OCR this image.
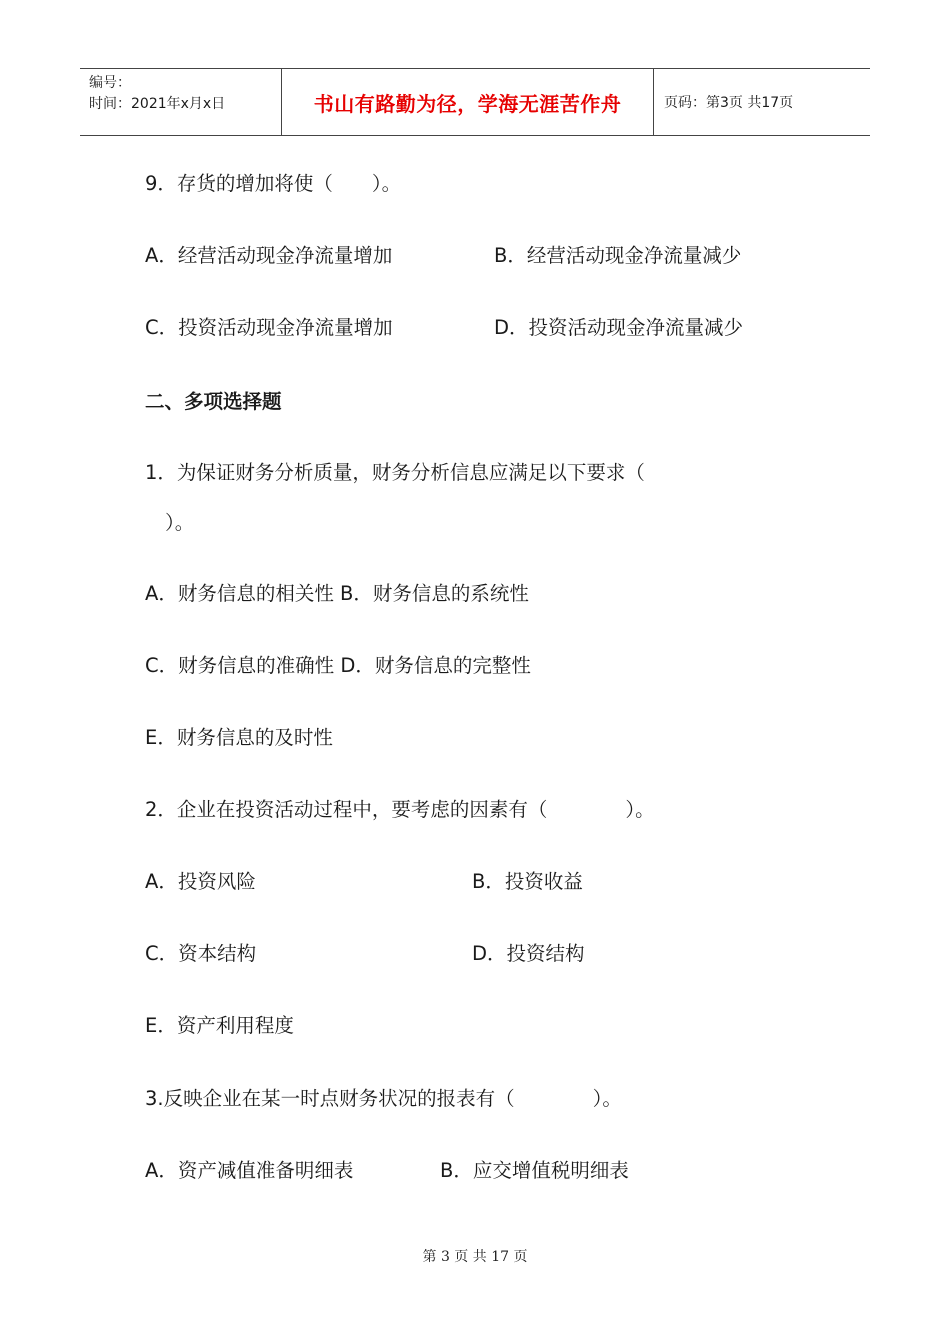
编号：
时间：2021年x月x日	书山有路勤为径，学海无涯苦作舟	页码：第3页 共17页
9．存货的增加将使（　　）。
A．经营活动现金净流量增加	B．经营活动现金净流量减少
C．投资活动现金净流量增加	D．投资活动现金净流量减少
二、多项选择题
1．为保证财务分析质量，财务分析信息应满足以下要求（
）。
A．财务信息的相关性 B．财务信息的系统性
C．财务信息的准确性 D．财务信息的完整性
E．财务信息的及时性
2．企业在投资活动过程中，要考虑的因素有（　　　　）。
A．投资风险	B．投资收益
C．资本结构	D．投资结构
E．资产利用程度
3.反映企业在某一时点财务状况的报表有（　　　　）。
A．资产减值准备明细表	B．应交增值税明细表
第 3 页 共 17 页
